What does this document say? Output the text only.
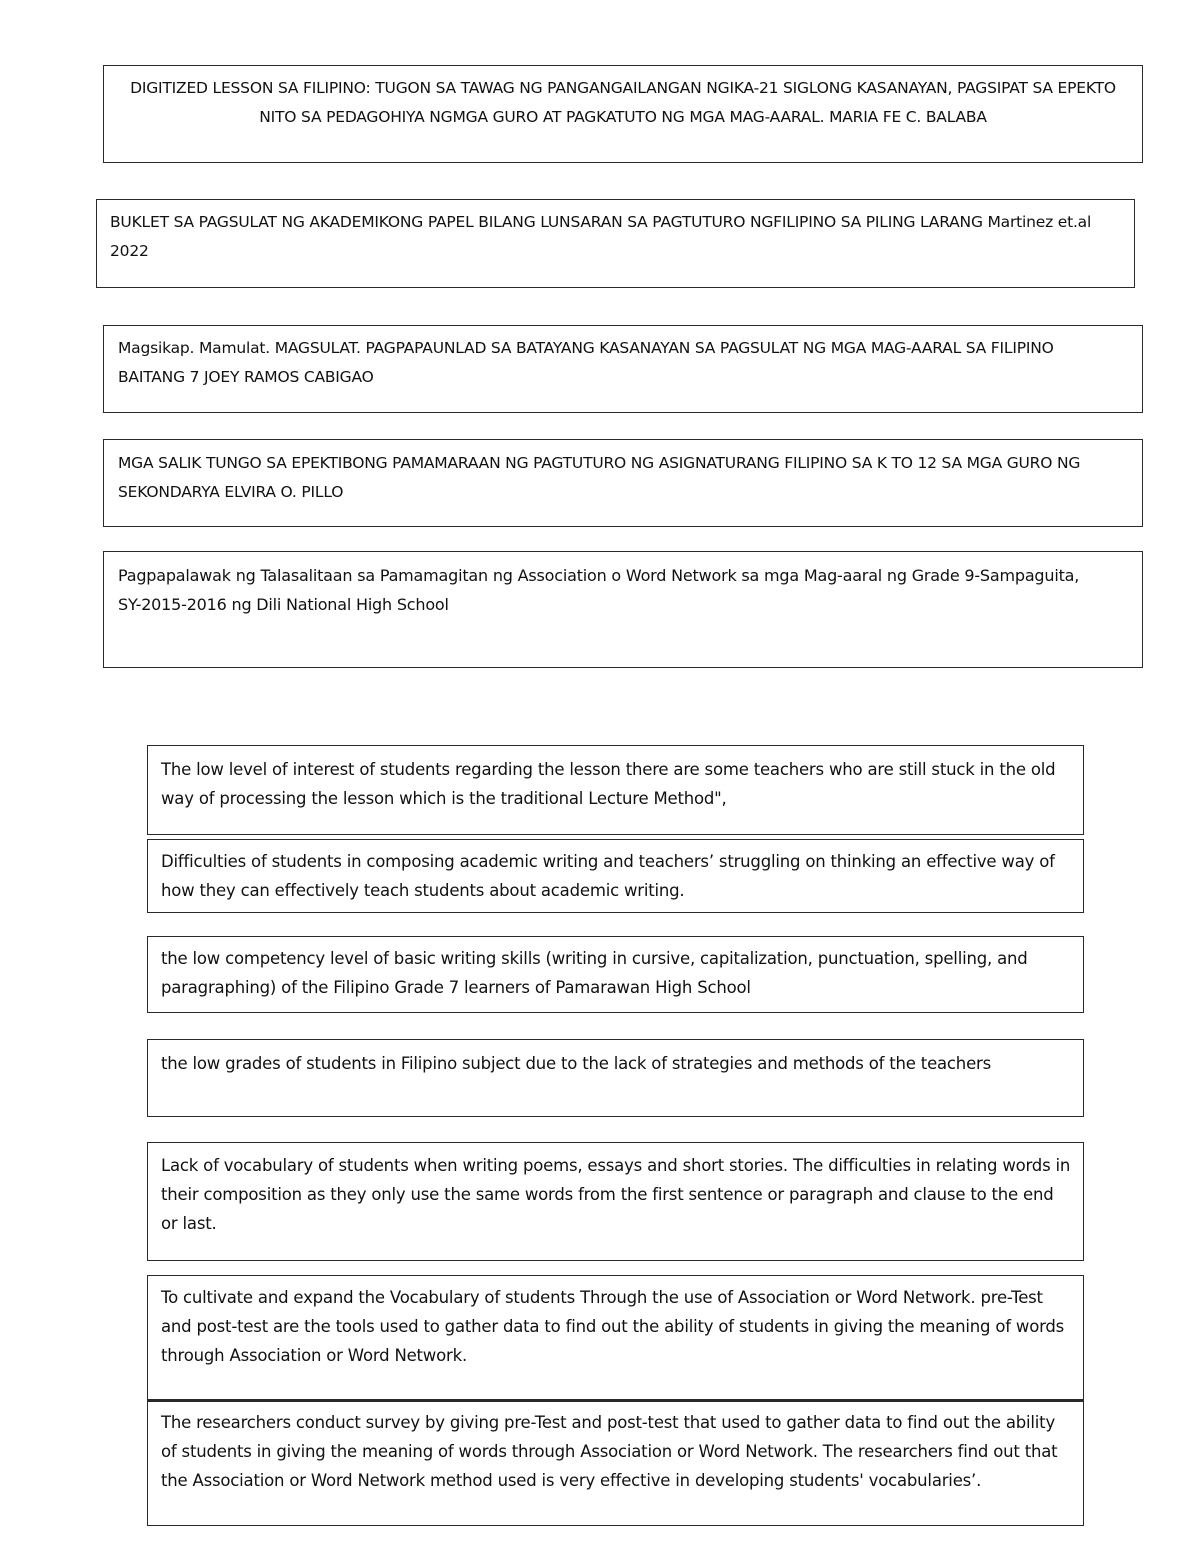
DIGITIZED LESSON SA FILIPINO: TUGON SA TAWAG NG PANGANGAILANGAN NGIKA-21 SIGLONG KASANAYAN, PAGSIPAT SA EPEKTO NITO SA PEDAGOHIYA NGMGA GURO AT PAGKATUTO NG MGA MAG-AARAL. MARIA FE C. BALABA

BUKLET SA PAGSULAT NG AKADEMIKONG PAPEL BILANG LUNSARAN SA PAGTUTURO NGFILIPINO SA PILING LARANG Martinez et.al 2022

Magsikap. Mamulat. MAGSULAT. PAGPAPAUNLAD SA BATAYANG KASANAYAN SA PAGSULAT NG MGA MAG-AARAL SA FILIPINO BAITANG 7 JOEY RAMOS CABIGAO

MGA SALIK TUNGO SA EPEKTIBONG PAMAMARAAN NG PAGTUTURO NG ASIGNATURANG FILIPINO SA K TO 12 SA MGA GURO NG SEKONDARYA ELVIRA O. PILLO

Pagpapalawak ng Talasalitaan sa Pamamagitan ng Association o Word Network sa mga Mag-aaral ng Grade 9-Sampaguita, SY-2015-2016 ng Dili National High School

The low level of interest of students regarding the lesson there are some teachers who are still stuck in the old way of processing the lesson which is the traditional Lecture Method",

Difficulties of students in composing academic writing and teachers’ struggling on thinking an effective way of how they can effectively teach students about academic writing.

the low competency level of basic writing skills (writing in cursive, capitalization, punctuation, spelling, and paragraphing) of the Filipino Grade 7 learners of Pamarawan High School

the low grades of students in Filipino subject due to the lack of strategies and methods of the teachers

Lack of vocabulary of students when writing poems, essays and short stories. The difficulties in relating words in their composition as they only use the same words from the first sentence or paragraph and clause to the end or last.

To cultivate and expand the Vocabulary of students Through the use of Association or Word Network. pre-Test and post-test are the tools used to gather data to find out the ability of students in giving the meaning of words through Association or Word Network.

The researchers conduct survey by giving pre-Test and post-test that used to gather data to find out the ability of students in giving the meaning of words through Association or Word Network. The researchers find out that the Association or Word Network method used is very effective in developing students' vocabularies’.
